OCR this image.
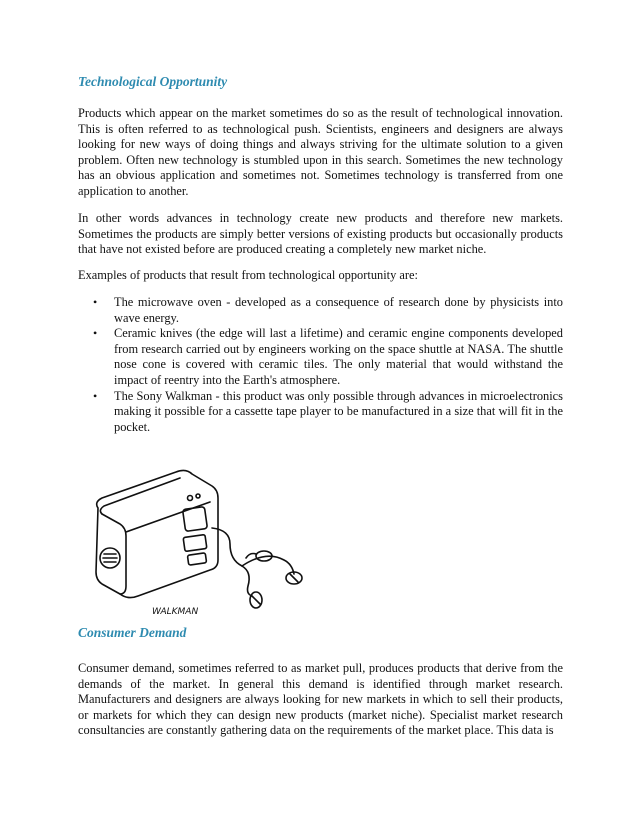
Technological Opportunity
Products which appear on the market sometimes do so as the result of technological innovation. This is often referred to as technological push. Scientists, engineers and designers are always looking for new ways of doing things and always striving for the ultimate solution to a given problem. Often new technology is stumbled upon in this search. Sometimes the new technology has an obvious application and sometimes not. Sometimes technology is transferred from one application to another.
In other words advances in technology create new products and therefore new markets. Sometimes the products are simply better versions of existing products but occasionally products that have not existed before are produced creating a completely new market niche.
Examples of products that result from technological opportunity are:
• The microwave oven - developed as a consequence of research done by physicists into wave energy.
• Ceramic knives (the edge will last a lifetime) and ceramic engine components developed from research carried out by engineers working on the space shuttle at NASA. The shuttle nose cone is covered with ceramic tiles. The only material that would withstand the impact of reentry into the Earth's atmosphere.
• The Sony Walkman - this product was only possible through advances in microelectronics making it possible for a cassette tape player to be manufactured in a size that will fit in the pocket.
WALKMAN
Consumer Demand
Consumer demand, sometimes referred to as market pull, produces products that derive from the demands of the market. In general this demand is identified through market research. Manufacturers and designers are always looking for new markets in which to sell their products, or markets for which they can design new products (market niche). Specialist market research consultancies are constantly gathering data on the requirements of the market place. This data is
